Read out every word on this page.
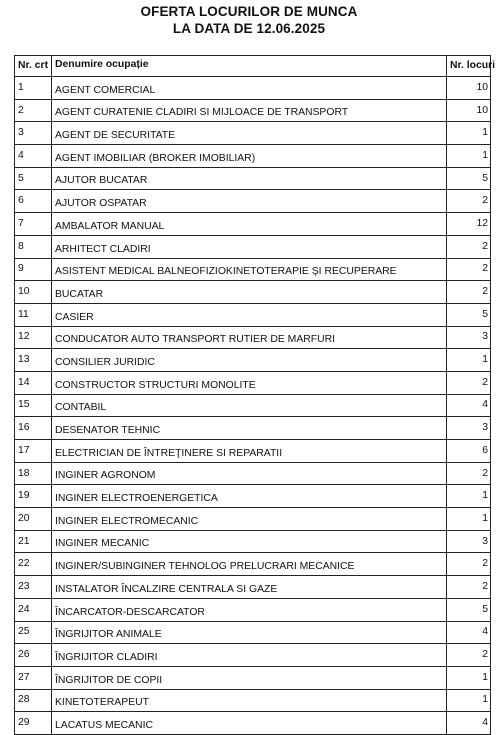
OFERTA LOCURILOR DE MUNCA
LA DATA DE 12.06.2025
Nr. crt	Denumire ocupație	Nr. locuri
1	AGENT COMERCIAL	10
2	AGENT CURATENIE CLADIRI SI MIJLOACE DE TRANSPORT	10
3	AGENT DE SECURITATE	1
4	AGENT IMOBILIAR (BROKER IMOBILIAR)	1
5	AJUTOR BUCATAR	5
6	AJUTOR OSPATAR	2
7	AMBALATOR MANUAL	12
8	ARHITECT CLADIRI	2
9	ASISTENT MEDICAL BALNEOFIZIOKINETOTERAPIE ŞI RECUPERARE	2
10	BUCATAR	2
11	CASIER	5
12	CONDUCATOR AUTO TRANSPORT RUTIER DE MARFURI	3
13	CONSILIER JURIDIC	1
14	CONSTRUCTOR STRUCTURI MONOLITE	2
15	CONTABIL	4
16	DESENATOR TEHNIC	3
17	ELECTRICIAN DE ÎNTREŢINERE SI REPARATII	6
18	INGINER AGRONOM	2
19	INGINER ELECTROENERGETICA	1
20	INGINER ELECTROMECANIC	1
21	INGINER MECANIC	3
22	INGINER/SUBINGINER TEHNOLOG PRELUCRARI MECANICE	2
23	INSTALATOR ÎNCALZIRE CENTRALA SI GAZE	2
24	ÎNCARCATOR-DESCARCATOR	5
25	ÎNGRIJITOR ANIMALE	4
26	ÎNGRIJITOR CLADIRI	2
27	ÎNGRIJITOR DE COPII	1
28	KINETOTERAPEUT	1
29	LACATUS MECANIC	4
